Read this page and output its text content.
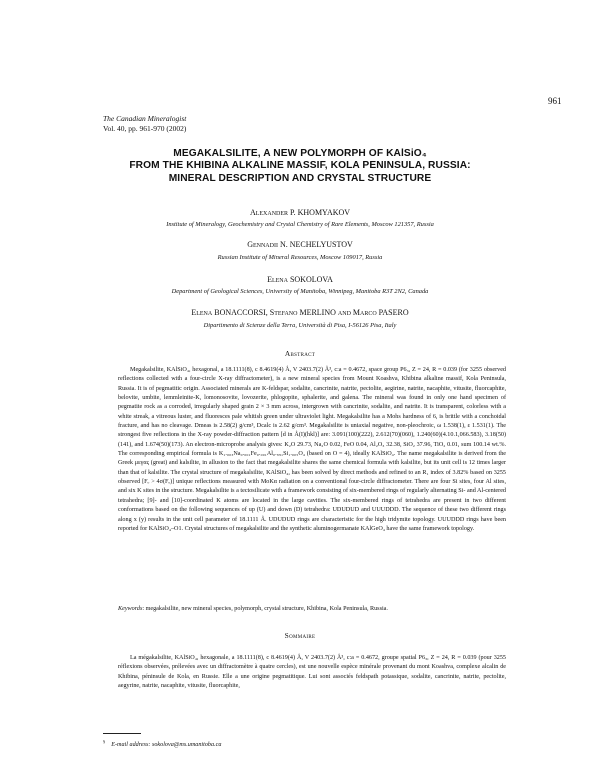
961
The Canadian Mineralogist
Vol. 40, pp. 961-970 (2002)
MEGAKALSILITE, A NEW POLYMORPH OF KAlSiO₄
FROM THE KHIBINA ALKALINE MASSIF, KOLA PENINSULA, RUSSIA:
MINERAL DESCRIPTION AND CRYSTAL STRUCTURE
Alexander P. KHOMYAKOV
Institute of Mineralogy, Geochemistry and Crystal Chemistry of Rare Elements, Moscow 121357, Russia
Gennadii N. NECHELYUSTOV
Russian Institute of Mineral Resources, Moscow 109017, Russia
Elena SOKOLOVA
Department of Geological Sciences, University of Manitoba, Winnipeg, Manitoba R3T 2N2, Canada
Elena BONACCORSI, Stefano MERLINO and Marco PASERO
Dipartimento di Scienze della Terra, Università di Pisa, I-56126 Pisa, Italy
Abstract

Megakalsilite, KAlSiO₄, hexagonal, a 18.1111(8), c 8.4619(4) Å, V 2403.7(2) Å³, c:a = 0.4672, space group P6₃, Z = 24, R = 0.039 (for 3255 observed reflections collected with a four-circle X-ray diffractometer), is a new mineral species from Mount Koashva, Khibina alkaline massif, Kola Peninsula, Russia. It is of pegmatitic origin. Associated minerals are K-feldspar, sodalite, cancrinite, natrite, pectolite, aegirine, natrite, nacaphite, vitusite, fluorcaphite, belovite, umbite, lemmleinite-K, lomonosovite, lovozerite, phlogopite, sphalerite, and galena. The mineral was found in only one hand specimen of pegmatite rock as a corroded, irregularly shaped grain 2 × 3 mm across, intergrown with cancrinite, sodalite, and natrite. It is transparent, colorless with a white streak, a vitreous luster, and fluoresces pale whitish green under ultraviolet light. Megakalsilite has a Mohs hardness of 6, is brittle with a conchoidal fracture, and has no cleavage. Dmeas is 2.58(2) g/cm³, Dcalc is 2.62 g/cm³. Megakalsilite is uniaxial negative, non-pleochroic, ω 1.538(1), ε 1.531(1). The strongest five reflections in the X-ray powder-diffraction pattern [d in Å(I)(hkl)] are: 3.091(100)(222), 2.612(70)(060), 1.240(60)(4.10.1,066.583), 3.18(50)(141), and 1.674(50)(173). An electron-microprobe analysis gives: K₂O 29.73, Na₂O 0.02, FeO 0.04, Al₂O₃ 32.38, SiO₂ 37.96, TiO₂ 0.01, sum 100.14 wt.%. The corresponding empirical formula is K₁.₀₀₃Na₀.₀₀₁Fe₀.₀₀₁Al₀.₉₉₁Si₁.₀₀₅O₄ (based on O = 4), ideally KAlSiO₄. The name megakalsilite is derived from the Greek μεγας (great) and kalsilite, in allusion to the fact that megakalsilite shares the same chemical formula with kalsilite, but its unit cell is 12 times larger than that of kalsilite. The crystal structure of megakalsilite, KAlSiO₄, has been solved by direct methods and refined to an R₁ index of 3.82% based on 3255 observed [Fₒ > 4σ(Fₒ)] unique reflections measured with MoKα radiation on a conventional four-circle diffractometer. There are four Si sites, four Al sites, and six K sites in the structure. Megakalsilite is a tectosilicate with a framework consisting of six-membered rings of regularly alternating Si- and Al-centered tetrahedra; [9]- and [10]-coordinated K atoms are located in the large cavities. The six-membered rings of tetrahedra are present in two different conformations based on the following sequences of up (U) and down (D) tetrahedra: UDUDUD and UUUDDD. The sequence of these two different rings along x (y) results in the unit cell parameter of 18.1111 Å. UDUDUD rings are characteristic for the high tridymite topology. UUUDDD rings have been reported for KAlSiO₄–O1. Crystal structures of megakalsilite and the synthetic aluminogermanate KAlGeO₄ have the same framework topology.

Keywords: megakalsilite, new mineral species, polymorph, crystal structure, Khibina, Kola Peninsula, Russia.
Sommaire

La mégakalsilite, KAlSiO₄, hexagonale, a 18.1111(8), c 8.4619(4) Å, V 2403.7(2) Å³, c:a = 0.4672, groupe spatial P6₃, Z = 24, R = 0.039 (pour 3255 réflexions observées, prélevées avec un diffractomètre à quatre cercles), est une nouvelle espèce minérale provenant du mont Koashva, complexe alcalin de Khibina, péninsule de Kola, en Russie. Elle a une origine pegmatitique. Lui sont associés feldspath potassique, sodalite, cancrinite, natrite, pectolite, aegyrine, natrite, nacaphite, vitusite, fluorcaphite,

§E-mail address: sokolova@ms.umanitoba.ca
